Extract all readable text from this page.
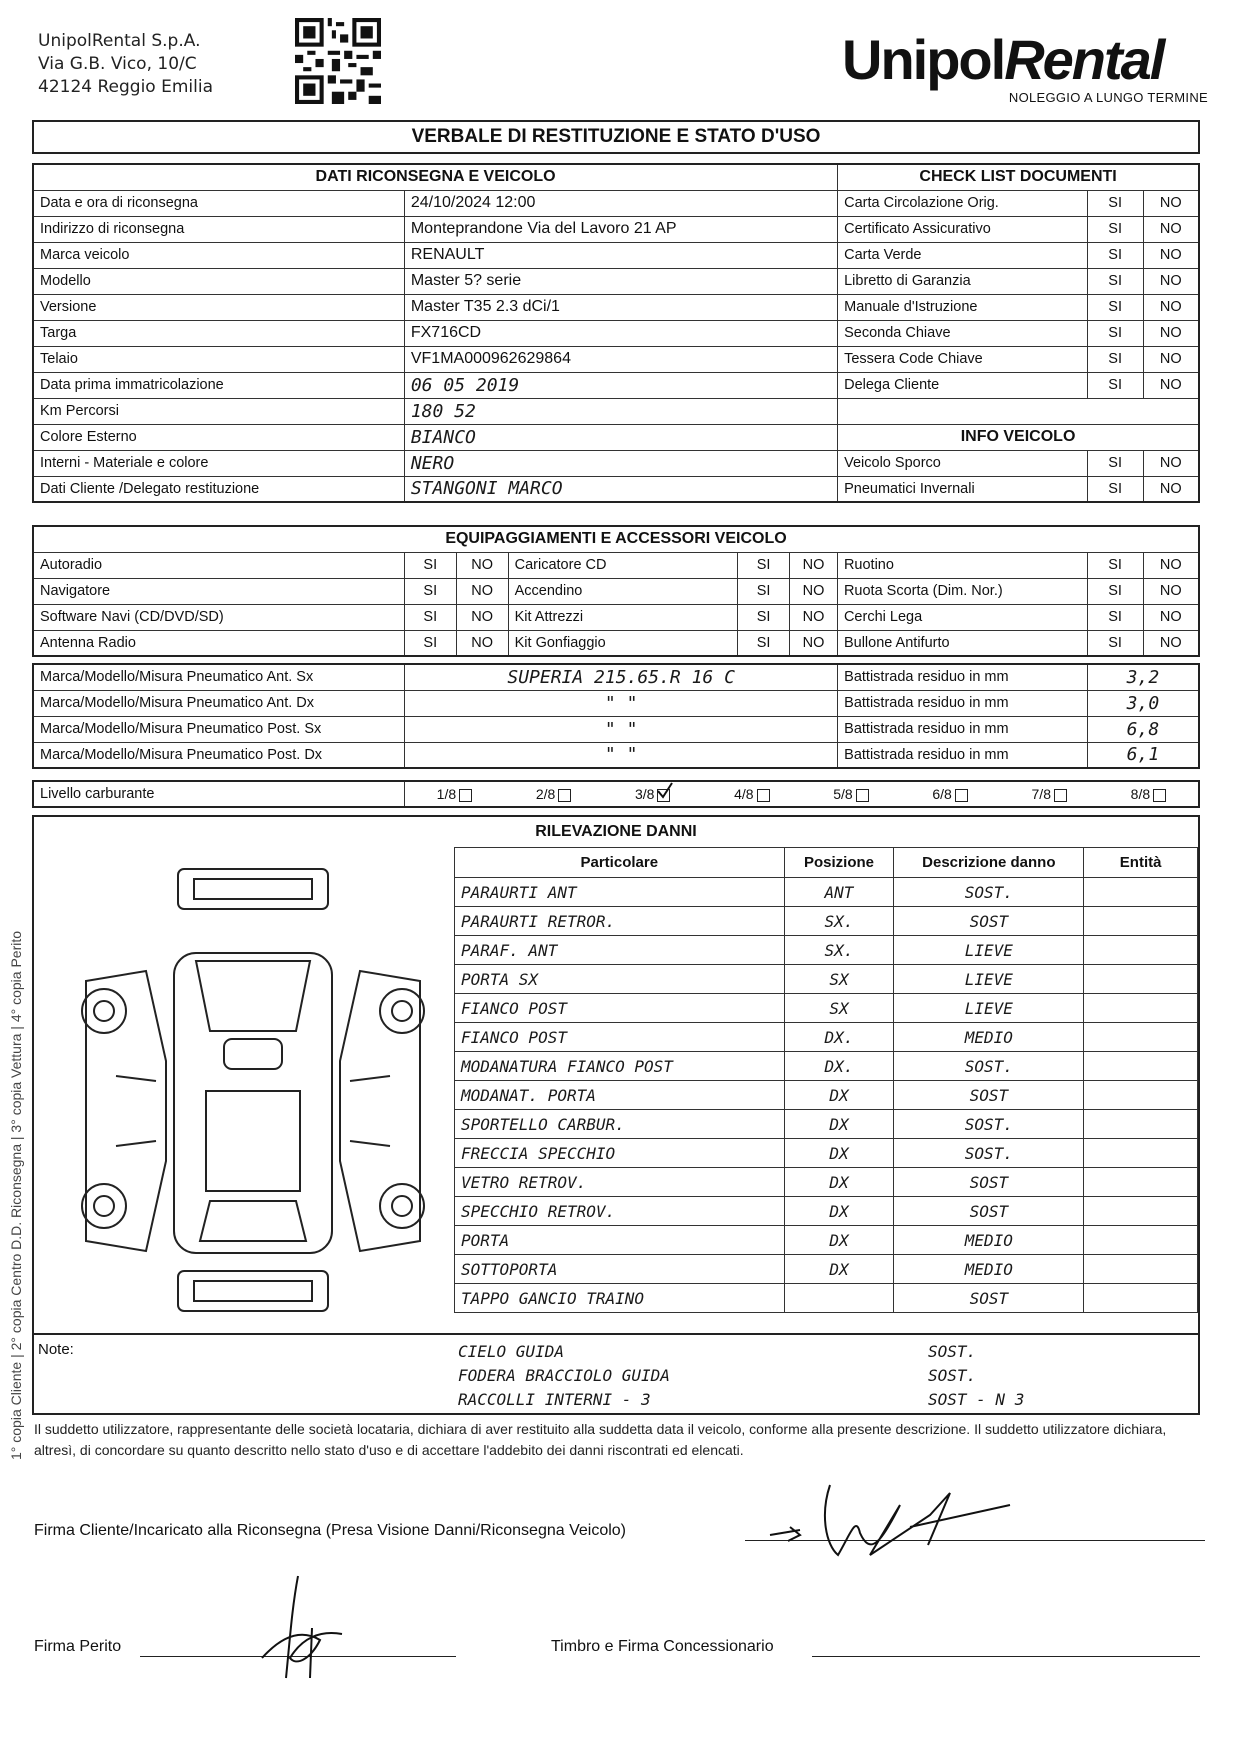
UnipolRental S.p.A.
Via G.B. Vico, 10/C
42124 Reggio Emilia	UnipolRental
NOLEGGIO A LUNGO TERMINE
VERBALE DI RESTITUZIONE E STATO D'USO
DATI RICONSEGNA E VEICOLO		CHECK LIST DOCUMENTI		
Data e ora di riconsegna	24/10/2024 12:00	Carta Circolazione Orig.	SI	NO
Indirizzo di riconsegna	Monteprandone Via del Lavoro 21 AP	Certificato Assicurativo	SI	NO
Marca veicolo	RENAULT	Carta Verde	SI	NO
Modello	Master 5? serie	Libretto di Garanzia	SI	NO
Versione	Master T35 2.3 dCi/1	Manuale d'Istruzione	SI	NO
Targa	FX716CD	Seconda Chiave	SI	NO
Telaio	VF1MA000962629864	Tessera Code Chiave	SI	NO
Data prima immatricolazione	06 05 2019	Delega Cliente	SI	NO
Km Percorsi	180 52			
Colore Esterno	BIANCO	INFO VEICOLO		
Interni - Materiale e colore	NERO	Veicolo Sporco	SI	NO
Dati Cliente /Delegato restituzione	STANGONI MARCO	Pneumatici Invernali	SI	NO
EQUIPAGGIAMENTI E ACCESSORI VEICOLO								
Autoradio	SI	NO	Caricatore CD	SI	NO	Ruotino	SI	NO
Navigatore	SI	NO	Accendino	SI	NO	Ruota Scorta (Dim. Nor.)	SI	NO
Software Navi (CD/DVD/SD)	SI	NO	Kit Attrezzi	SI	NO	Cerchi Lega	SI	NO
Antenna Radio	SI	NO	Kit Gonfiaggio	SI	NO	Bullone Antifurto	SI	NO
Marca/Modello/Misura Pneumatico Ant. Sx	SUPERIA 215.65.R 16 C	Battistrada residuo in mm	3,2
Marca/Modello/Misura Pneumatico Ant. Dx	" "	Battistrada residuo in mm	3,0
Marca/Modello/Misura Pneumatico Post. Sx	" "	Battistrada residuo in mm	6,8
Marca/Modello/Misura Pneumatico Post. Dx	" "	Battistrada residuo in mm	6,1
Livello carburante	1/8	2/8	3/8	4/8	5/8	6/8	7/8	8/8
RILEVAZIONE DANNI
Particolare	Posizione	Descrizione danno	Entità
PARAURTI ANT	ANT	SOST.	
PARAURTI RETROR.	SX.	SOST	
PARAF. ANT	SX.	LIEVE	
PORTA SX	SX	LIEVE	
FIANCO POST	SX	LIEVE	
FIANCO POST	DX.	MEDIO	
MODANATURA FIANCO POST	DX.	SOST.	
MODANAT. PORTA	DX	SOST	
SPORTELLO CARBUR.	DX	SOST.	
FRECCIA SPECCHIO	DX	SOST.	
VETRO RETROV.	DX	SOST	
SPECCHIO RETROV.	DX	SOST	
PORTA	DX	MEDIO	
SOTTOPORTA	DX	MEDIO	
TAPPO GANCIO TRAINO		SOST	
Note:	CIELO GUIDA	SOST.
FODERA BRACCIOLO GUIDA	SOST.
RACCOLLI INTERNI - 3	SOST - N 3
1° copia Cliente | 2° copia Centro D.D. Riconsegna | 3° copia Vettura | 4° copia Perito Il suddetto utilizzatore, rappresentante delle società locataria, dichiara di aver restituito alla suddetta data il veicolo, conforme alla presente descrizione. Il suddetto utilizzatore dichiara, altresì, di concordare su quanto descritto nello stato d'uso e di accettare l'addebito dei danni riscontrati ed elencati.
Firma Cliente/Incaricato alla Riconsegna (Presa Visione Danni/Riconsegna Veicolo)
Firma Perito	Timbro e Firma Concessionario
